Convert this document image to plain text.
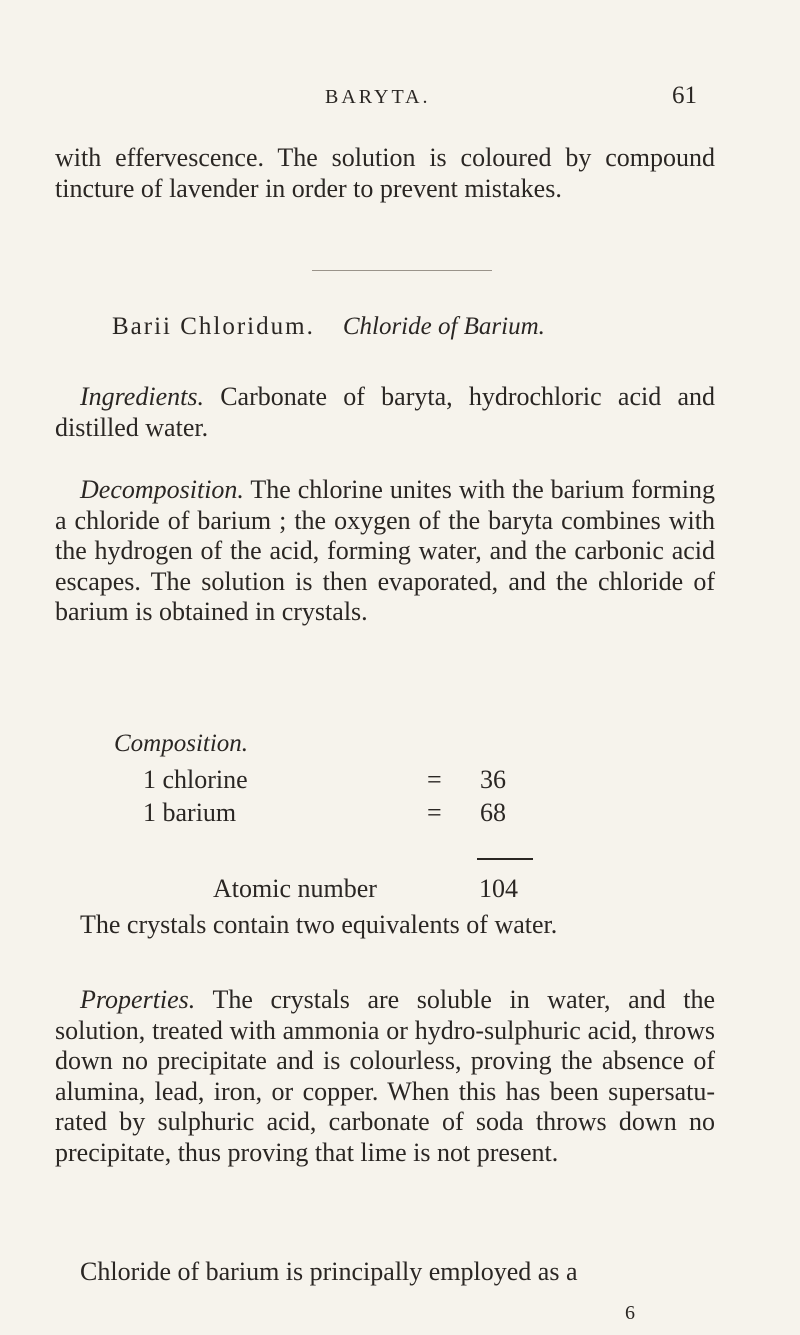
BARYTA.	61

with effervescence. The solution is coloured by compound tincture of lavender in order to prevent mistakes.

Barii Chloridum. Chloride of Barium.

Ingredients. Carbonate of baryta, hydrochloric acid and distilled water.

Decomposition. The chlorine unites with the barium forming a chloride of barium ; the oxygen of the baryta combines with the hydrogen of the acid, forming water, and the carbonic acid escapes. The solution is then evaporated, and the chloride of barium is obtained in crystals.

Composition.
1 chlorine	= 36
1 barium	= 68
Atomic number	104

The crystals contain two equivalents of water.

Properties. The crystals are soluble in water, and the solution, treated with ammonia or hydro-sulphuric acid, throws down no precipitate and is colourless, proving the absence of alumina, lead, iron, or copper. When this has been supersatu-rated by sulphuric acid, carbonate of soda throws down no precipitate, thus proving that lime is not present.

Chloride of barium is principally employed as a

6
